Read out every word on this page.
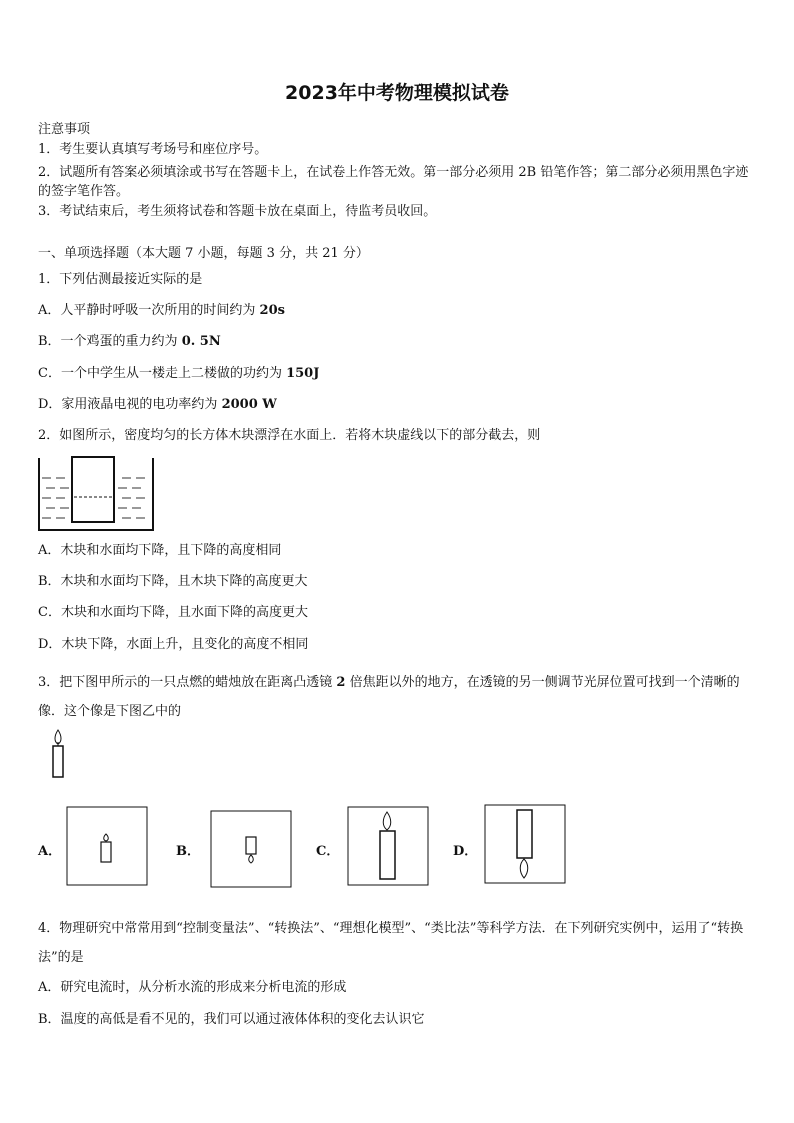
2023年中考物理模拟试卷
注意事项
1．考生要认真填写考场号和座位序号。
2．试题所有答案必须填涂或书写在答题卡上，在试卷上作答无效。第一部分必须用 2B 铅笔作答；第二部分必须用黑色字迹的签字笔作答。
3．考试结束后，考生须将试卷和答题卡放在桌面上，待监考员收回。
一、单项选择题（本大题 7 小题，每题 3 分，共 21 分）
1．下列估测最接近实际的是
A．人平静时呼吸一次所用的时间约为 20s
B．一个鸡蛋的重力约为 0. 5N
C．一个中学生从一楼走上二楼做的功约为 150J
D．家用液晶电视的电功率约为 2000 W
2．如图所示，密度均匀的长方体木块漂浮在水面上．若将木块虚线以下的部分截去，则
A．木块和水面均下降，且下降的高度相同
B．木块和水面均下降，且木块下降的高度更大
C．木块和水面均下降，且水面下降的高度更大
D．木块下降，水面上升，且变化的高度不相同
3．把下图甲所示的一只点燃的蜡烛放在距离凸透镜 2 倍焦距以外的地方，在透镜的另一侧调节光屏位置可找到一个清晰的像．这个像是下图乙中的
A．	B．	C．	D．
4．物理研究中常常用到“控制变量法”、“转换法”、“理想化模型”、“类比法”等科学方法．在下列研究实例中，运用了“转换法”的是
A．研究电流时，从分析水流的形成来分析电流的形成
B．温度的高低是看不见的，我们可以通过液体体积的变化去认识它
